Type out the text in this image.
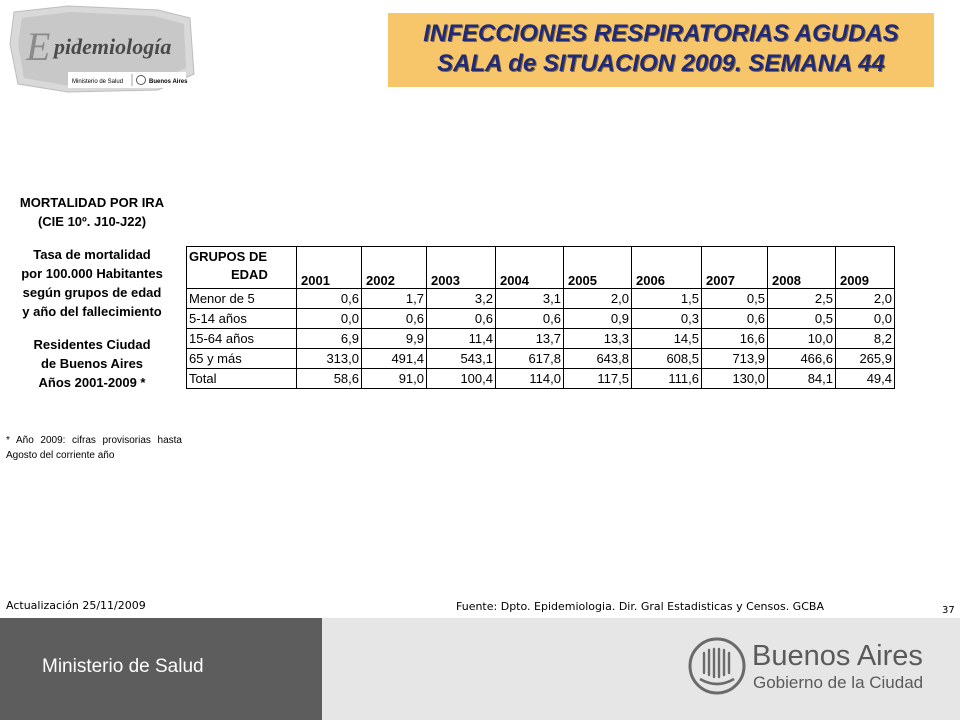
E pidemiología
Ministerio de Salud	Buenos Aires
INFECCIONES RESPIRATORIAS AGUDAS
SALA de SITUACION 2009. SEMANA 44
MORTALIDAD POR IRA
(CIE 10º. J10-J22)
Tasa de mortalidad
por 100.000 Habitantes
según grupos de edad
y año del fallecimiento
Residentes Ciudad
de Buenos Aires
Años 2001-2009 *
* Año 2009: cifras provisorias hasta Agosto del corriente año
GRUPOS DE
EDAD	2001	2002	2003	2004	2005	2006	2007	2008	2009
Menor de 5	0,6	1,7	3,2	3,1	2,0	1,5	0,5	2,5	2,0
5-14 años	0,0	0,6	0,6	0,6	0,9	0,3	0,6	0,5	0,0
15-64 años	6,9	9,9	11,4	13,7	13,3	14,5	16,6	10,0	8,2
65 y más	313,0	491,4	543,1	617,8	643,8	608,5	713,9	466,6	265,9
Total	58,6	91,0	100,4	114,0	117,5	111,6	130,0	84,1	49,4
Actualización 25/11/2009	Fuente: Dpto. Epidemiologia. Dir. Gral Estadisticas y Censos. GCBA	37
Ministerio de Salud	Buenos Aires
Gobierno de la Ciudad
